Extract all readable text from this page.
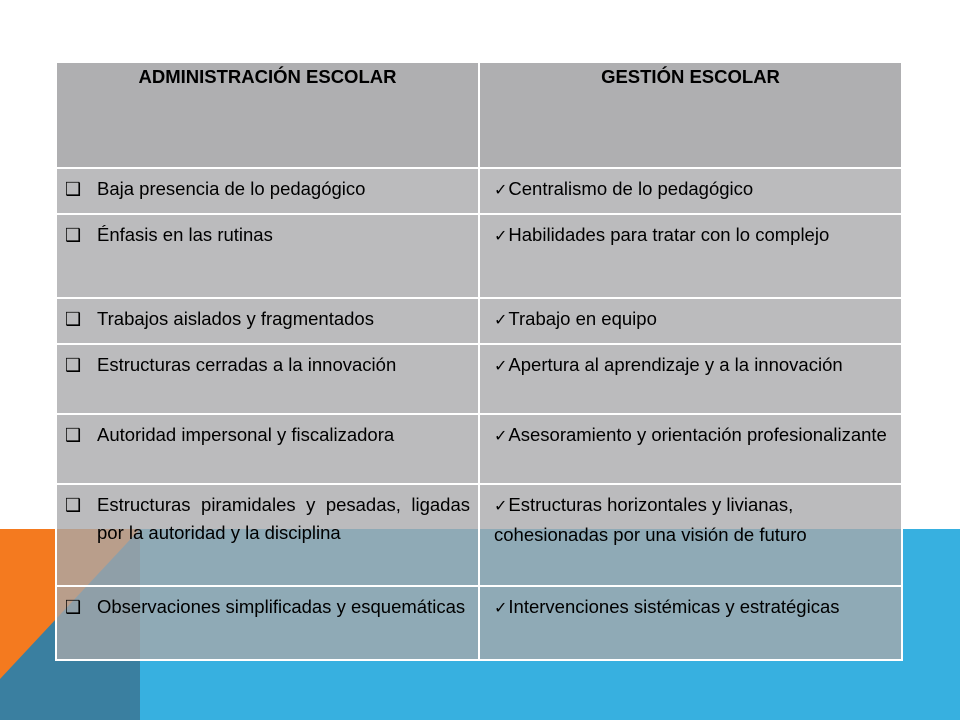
ADMINISTRACIÓN ESCOLAR	GESTIÓN ESCOLAR

❑ Baja presencia de lo pedagógico	✓Centralismo de lo pedagógico

❑ Énfasis en las rutinas	✓Habilidades para tratar con lo complejo

❑ Trabajos aislados y fragmentados	✓Trabajo en equipo

❑ Estructuras cerradas a la innovación	✓Apertura al aprendizaje y a la innovación

❑ Autoridad impersonal y fiscalizadora	✓Asesoramiento y orientación profesionalizante

❑ Estructuras piramidales y pesadas, ligadas por la autoridad y la disciplina	✓Estructuras horizontales y livianas, cohesionadas por una visión de futuro

❑ Observaciones simplificadas y esquemáticas	✓Intervenciones sistémicas y estratégicas
